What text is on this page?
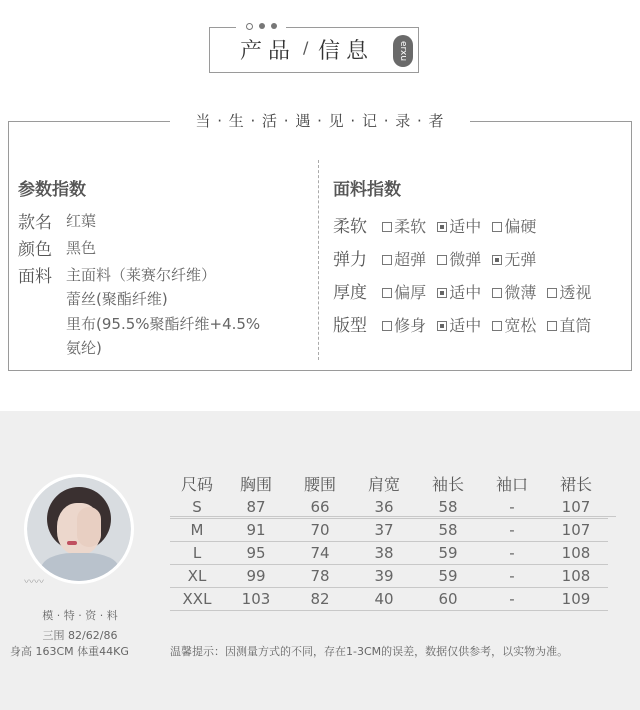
产品 / 信息	erxu
当 · 生 · 活 · 遇 · 见 · 记 · 录 · 者
参数指数
款名 红蕖
颜色 黑色
面料 主面料（莱赛尔纤维）
蕾丝(聚酯纤维)
里布(95.5%聚酯纤维+4.5%
氨纶)
面料指数
柔软 柔软 适中 偏硬
弹力 超弹 微弹 无弹
厚度 偏厚 适中 微薄 透视
版型 修身 适中 宽松 直筒
〰〰
模 · 特 · 资 · 料
三围 82/62/86
身高 163CM 体重44KG
尺码	胸围	腰围	肩宽	袖长	袖口	裙长
S	87	66	36	58	-	107
M	91	70	37	58	-	107
L	95	74	38	59	-	108
XL	99	78	39	59	-	108
XXL	103	82	40	60	-	109
温馨提示：因测量方式的不同，存在1-3CM的误差，数据仅供参考，以实物为准。
